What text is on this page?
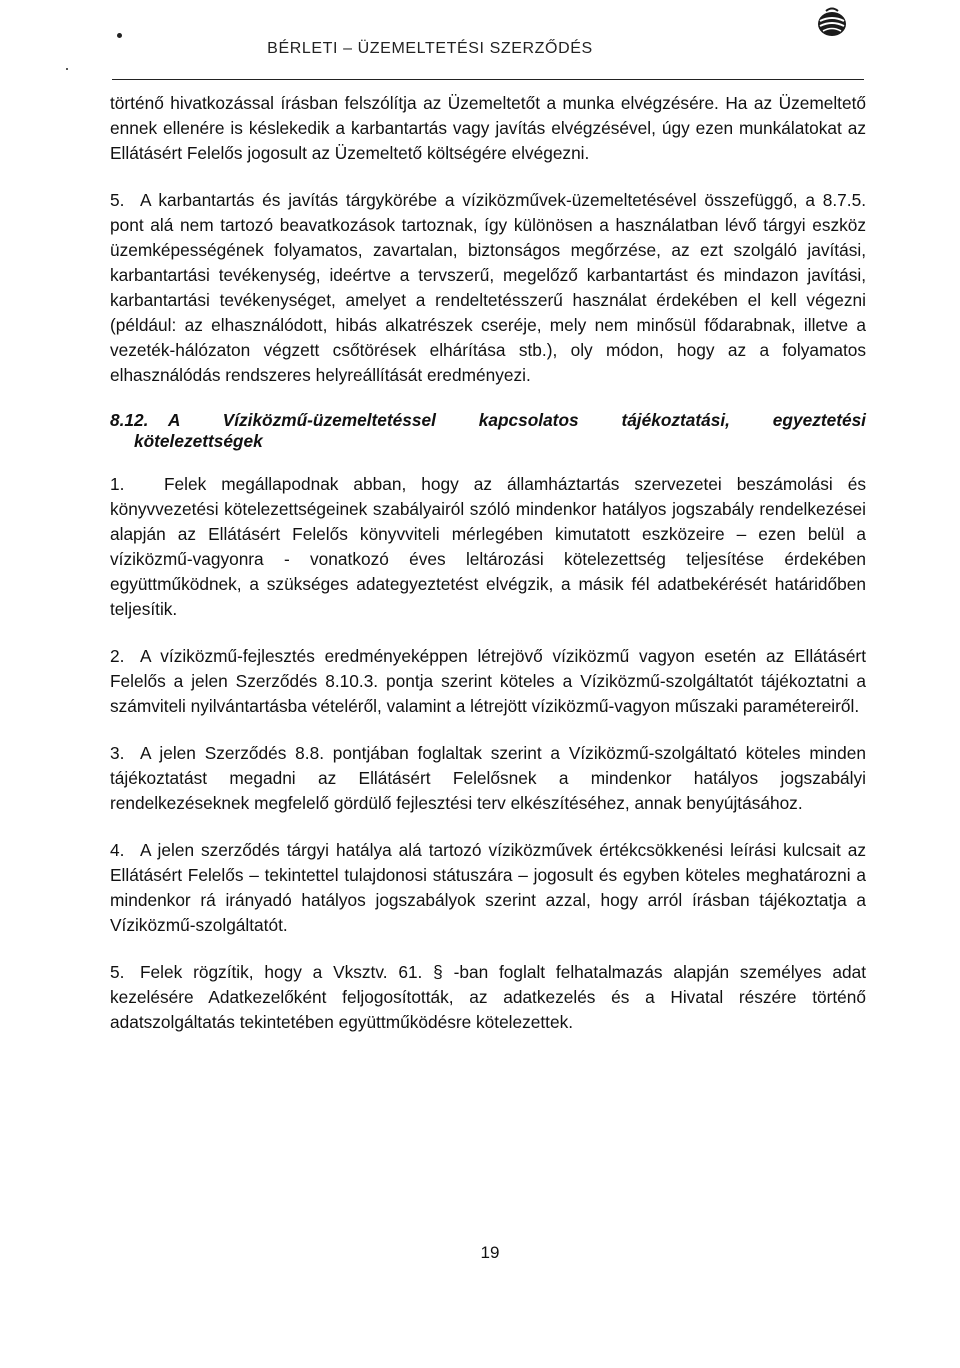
BÉRLETI – ÜZEMELTETÉSI SZERZŐDÉS

történő hivatkozással írásban felszólítja az Üzemeltetőt a munka elvégzésére. Ha az Üzemeltető ennek ellenére is késlekedik a karbantartás vagy javítás elvégzésével, úgy ezen munkálatokat az Ellátásért Felelős jogosult az Üzemeltető költségére elvégezni.

5. A karbantartás és javítás tárgykörébe a víziközművek-üzemeltetésével összefüggő, a 8.7.5. pont alá nem tartozó beavatkozások tartoznak, így különösen a használatban lévő tárgyi eszköz üzemképességének folyamatos, zavartalan, biztonságos megőrzése, az ezt szolgáló javítási, karbantartási tevékenység, ideértve a tervszerű, megelőző karbantartást és mindazon javítási, karbantartási tevékenységet, amelyet a rendeltetésszerű használat érdekében el kell végezni (például: az elhasználódott, hibás alkatrészek cseréje, mely nem minősül fődarabnak, illetve a vezeték-hálózaton végzett csőtörések elhárítása stb.), oly módon, hogy az a folyamatos elhasználódás rendszeres helyreállítását eredményezi.

8.12.	A Víziközmű-üzemeltetéssel kapcsolatos tájékoztatási, egyeztetési
kötelezettségek

1. Felek megállapodnak abban, hogy az államháztartás szervezetei beszámolási és könyvvezetési kötelezettségeinek szabályairól szóló mindenkor hatályos jogszabály rendelkezései alapján az Ellátásért Felelős könyvviteli mérlegében kimutatott eszközeire – ezen belül a víziközmű-vagyonra - vonatkozó éves leltározási kötelezettség teljesítése érdekében együttműködnek, a szükséges adategyeztetést elvégzik, a másik fél adatbekérését határidőben teljesítik.

2. A víziközmű-fejlesztés eredményeképpen létrejövő víziközmű vagyon esetén az Ellátásért Felelős a jelen Szerződés 8.10.3. pontja szerint köteles a Víziközmű-szolgáltatót tájékoztatni a számviteli nyilvántartásba vételéről, valamint a létrejött víziközmű-vagyon műszaki paramétereiről.

3. A jelen Szerződés 8.8. pontjában foglaltak szerint a Víziközmű-szolgáltató köteles minden tájékoztatást megadni az Ellátásért Felelősnek a mindenkor hatályos jogszabályi rendelkezéseknek megfelelő gördülő fejlesztési terv elkészítéséhez, annak benyújtásához.

4. A jelen szerződés tárgyi hatálya alá tartozó víziközművek értékcsökkenési leírási kulcsait az Ellátásért Felelős – tekintettel tulajdonosi státuszára – jogosult és egyben köteles meghatározni a mindenkor rá irányadó hatályos jogszabályok szerint azzal, hogy arról írásban tájékoztatja a Víziközmű-szolgáltatót.

5. Felek rögzítik, hogy a Vksztv. 61. § -ban foglalt felhatalmazás alapján személyes adat kezelésére Adatkezelőként feljogosították, az adatkezelés és a Hivatal részére történő adatszolgáltatás tekintetében együttműködésre kötelezettek.

19
